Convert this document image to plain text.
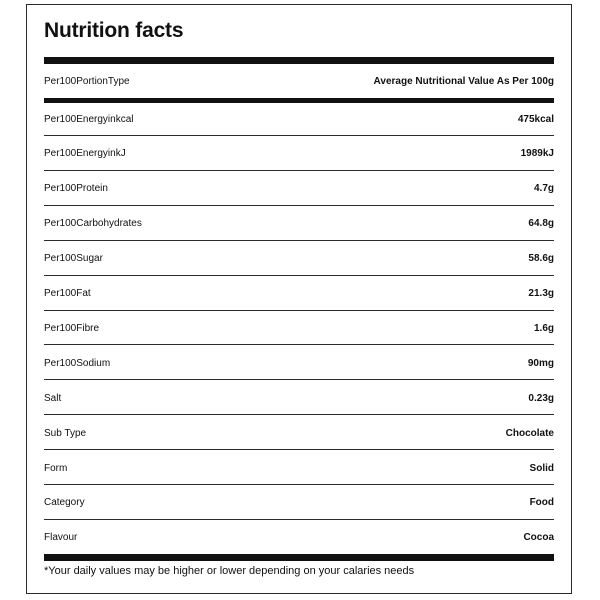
Nutrition facts
Per100PortionType	Average Nutritional Value As Per 100g
Per100Energyinkcal	475kcal
Per100EnergyinkJ	1989kJ
Per100Protein	4.7g
Per100Carbohydrates	64.8g
Per100Sugar	58.6g
Per100Fat	21.3g
Per100Fibre	1.6g
Per100Sodium	90mg
Salt	0.23g
Sub Type	Chocolate
Form	Solid
Category	Food
Flavour	Cocoa
*Your daily values may be higher or lower depending on your calaries needs
